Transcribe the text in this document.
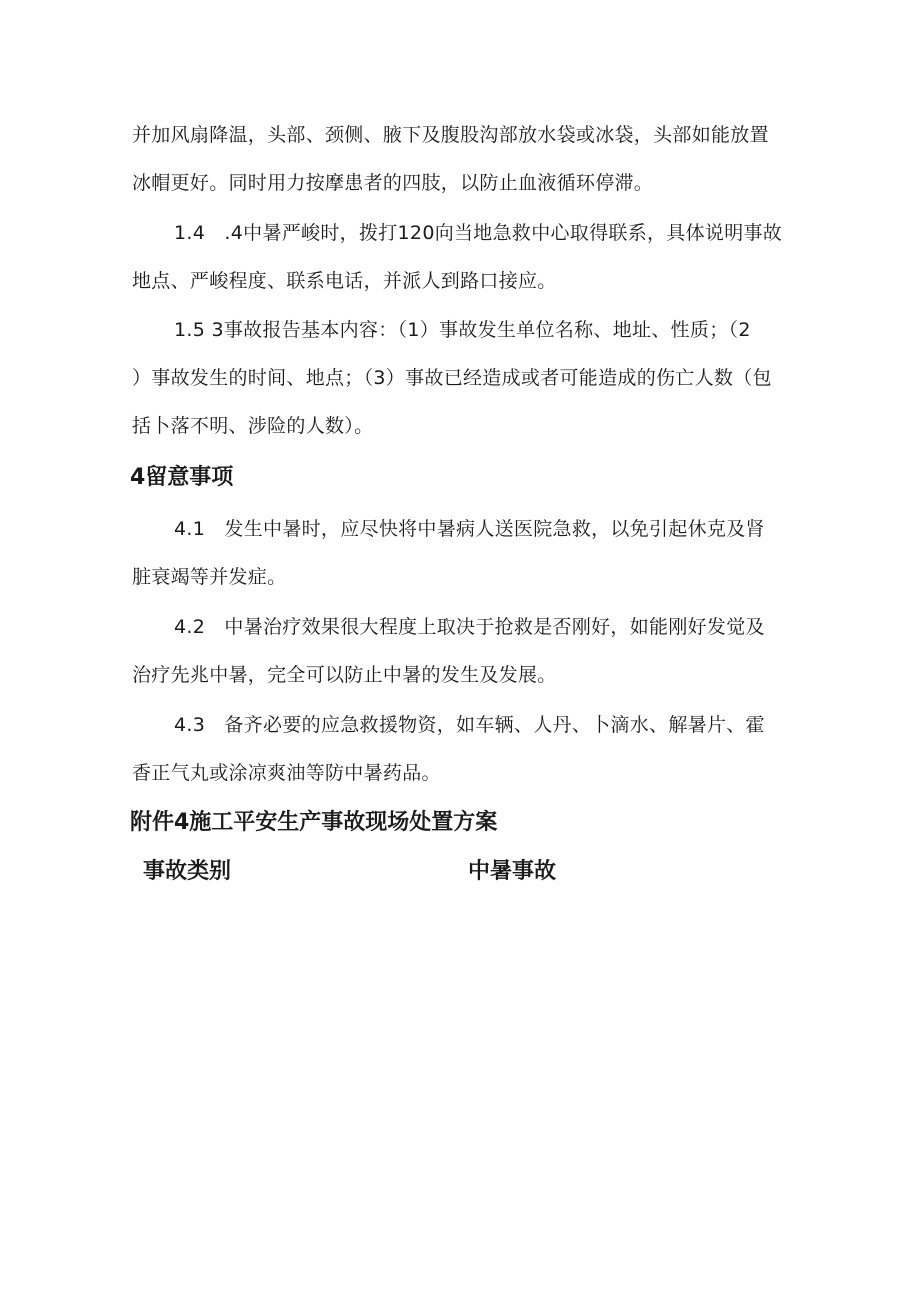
并加风扇降温，头部、颈侧、腋下及腹股沟部放水袋或冰袋，头部如能放置
冰帽更好。同时用力按摩患者的四肢，以防止血液循环停滞。
1.4　.4中暑严峻时，拨打120向当地急救中心取得联系，具体说明事故
地点、严峻程度、联系电话，并派人到路口接应。
1.5 3事故报告基本内容：（1）事故发生单位名称、地址、性质；（2
）事故发生的时间、地点；（3）事故已经造成或者可能造成的伤亡人数（包
括卜落不明、涉险的人数）。
4留意事项
4.1　发生中暑时，应尽快将中暑病人送医院急救，以免引起休克及肾
脏衰竭等并发症。
4.2　中暑治疗效果很大程度上取决于抢救是否刚好，如能刚好发觉及
治疗先兆中暑，完全可以防止中暑的发生及发展。
4.3　备齐必要的应急救援物资，如车辆、人丹、卜滴水、解暑片、霍
香正气丸或涂凉爽油等防中暑药品。
附件4施工平安生产事故现场处置方案
事故类别	中暑事故
